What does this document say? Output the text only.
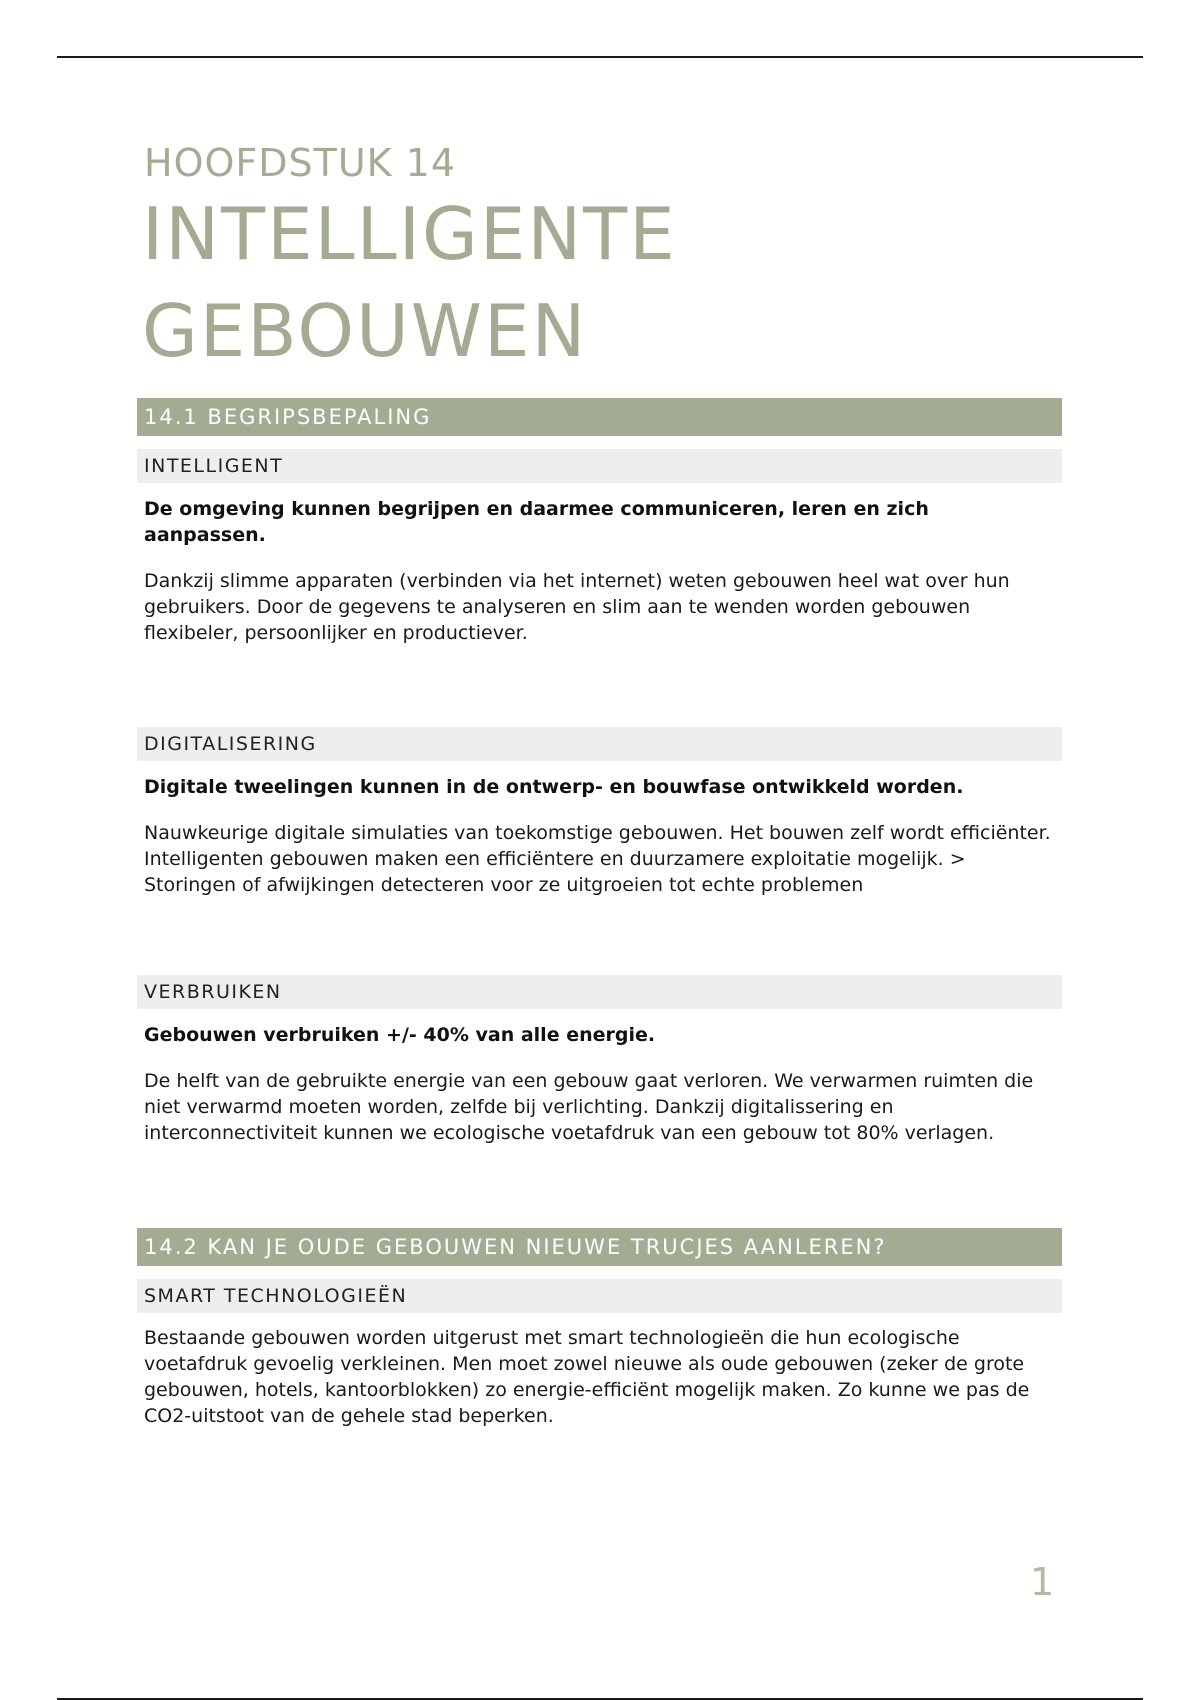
HOOFDSTUK 14
INTELLIGENTE
GEBOUWEN
14.1 BEGRIPSBEPALING
INTELLIGENT

De omgeving kunnen begrijpen en daarmee communiceren, leren en zich aanpassen.

Dankzij slimme apparaten (verbinden via het internet) weten gebouwen heel wat over hun gebruikers. Door de gegevens te analyseren en slim aan te wenden worden gebouwen flexibeler, persoonlijker en productiever.

DIGITALISERING

Digitale tweelingen kunnen in de ontwerp- en bouwfase ontwikkeld worden.

Nauwkeurige digitale simulaties van toekomstige gebouwen. Het bouwen zelf wordt efficiënter. Intelligenten gebouwen maken een efficiëntere en duurzamere exploitatie mogelijk. > Storingen of afwijkingen detecteren voor ze uitgroeien tot echte problemen

VERBRUIKEN

Gebouwen verbruiken +/- 40% van alle energie.

De helft van de gebruikte energie van een gebouw gaat verloren. We verwarmen ruimten die niet verwarmd moeten worden, zelfde bij verlichting. Dankzij digitalissering en interconnectiviteit kunnen we ecologische voetafdruk van een gebouw tot 80% verlagen.

14.2 KAN JE OUDE GEBOUWEN NIEUWE TRUCJES AANLEREN?
SMART TECHNOLOGIEËN

Bestaande gebouwen worden uitgerust met smart technologieën die hun ecologische voetafdruk gevoelig verkleinen. Men moet zowel nieuwe als oude gebouwen (zeker de grote gebouwen, hotels, kantoorblokken) zo energie-efficiënt mogelijk maken. Zo kunne we pas de CO2-uitstoot van de gehele stad beperken.

1
